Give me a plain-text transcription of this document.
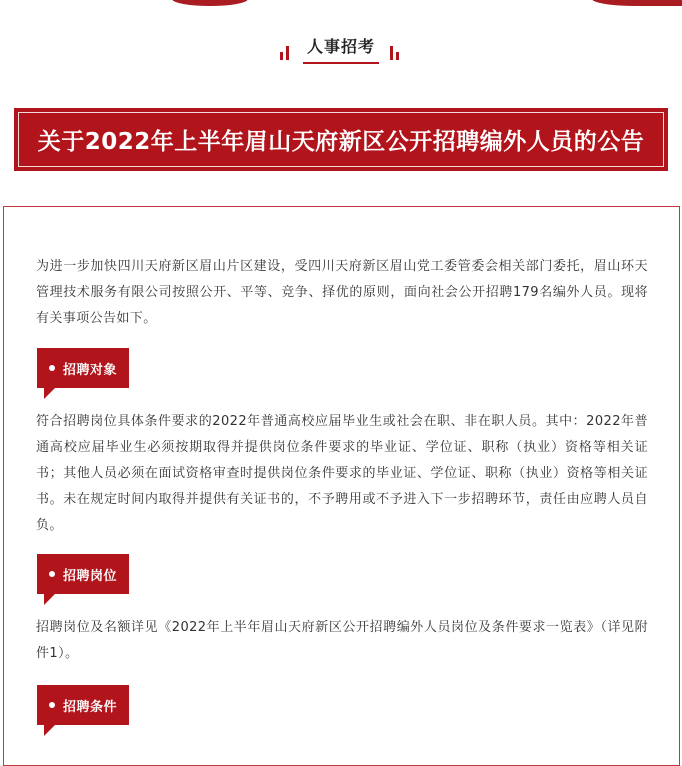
人事招考
关于2022年上半年眉山天府新区公开招聘编外人员的公告

为进一步加快四川天府新区眉山片区建设，受四川天府新区眉山党工委管委会相关部门委托，眉山环天管理技术服务有限公司按照公开、平等、竞争、择优的原则，面向社会公开招聘179名编外人员。现将有关事项公告如下。

招聘对象

符合招聘岗位具体条件要求的2022年普通高校应届毕业生或社会在职、非在职人员。其中：2022年普通高校应届毕业生必须按期取得并提供岗位条件要求的毕业证、学位证、职称（执业）资格等相关证书；其他人员必须在面试资格审查时提供岗位条件要求的毕业证、学位证、职称（执业）资格等相关证书。未在规定时间内取得并提供有关证书的，不予聘用或不予进入下一步招聘环节，责任由应聘人员自负。

招聘岗位

招聘岗位及名额详见《2022年上半年眉山天府新区公开招聘编外人员岗位及条件要求一览表》（详见附件1）。

招聘条件
